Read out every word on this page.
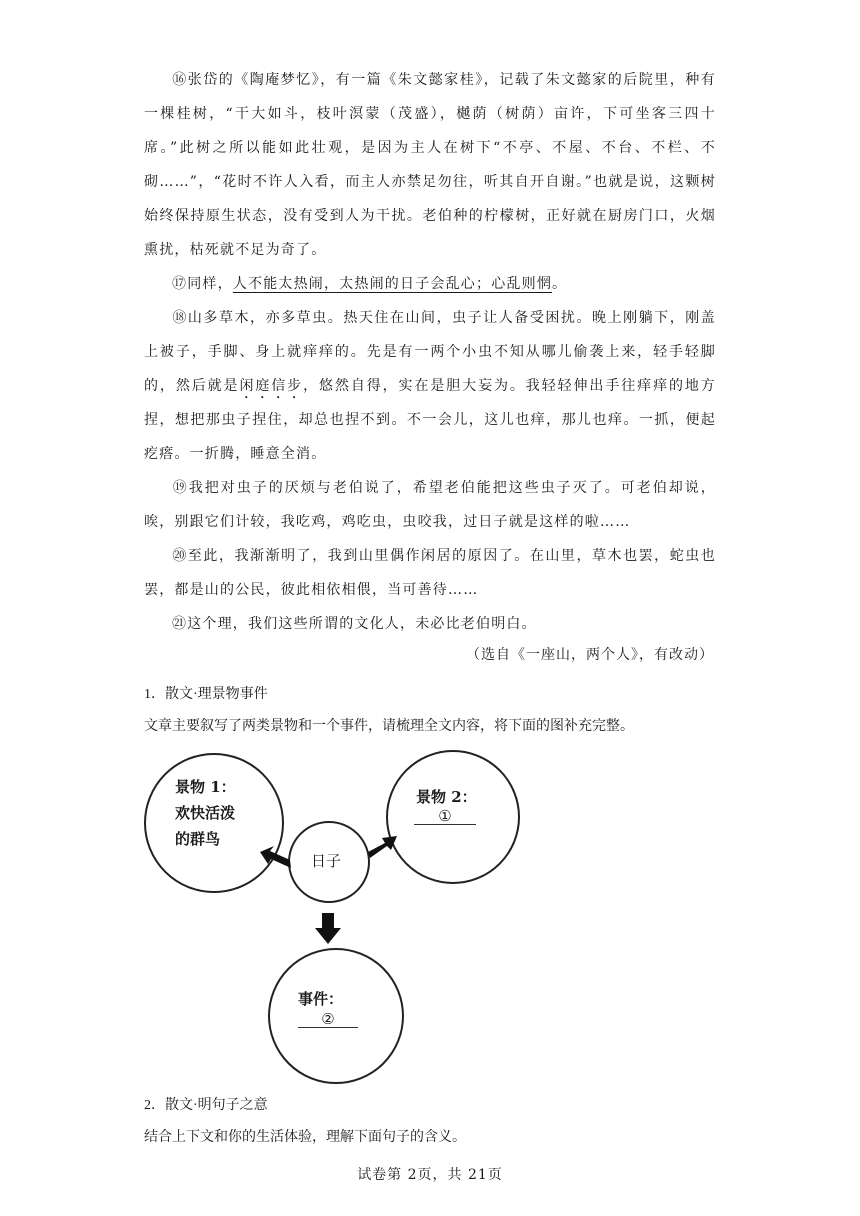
⑯张岱的《陶庵梦忆》，有一篇《朱文懿家桂》，记载了朱文懿家的后院里，种有一棵桂树，“干大如斗，枝叶溟蒙（茂盛），樾荫（树荫）亩许，下可坐客三四十席。”此树之所以能如此壮观，是因为主人在树下“不亭、不屋、不台、不栏、不砌……”，“花时不许人入看，而主人亦禁足勿往，听其自开自谢。”也就是说，这颗树始终保持原生状态，没有受到人为干扰。老伯种的柠檬树，正好就在厨房门口，火烟熏扰，枯死就不足为奇了。
⑰同样，人不能太热闹，太热闹的日子会乱心；心乱则惘。
⑱山多草木，亦多草虫。热天住在山间，虫子让人备受困扰。晚上刚躺下，刚盖上被子，手脚、身上就痒痒的。先是有一两个小虫不知从哪儿偷袭上来，轻手轻脚的，然后就是闲庭信步，悠然自得，实在是胆大妄为。我轻轻伸出手往痒痒的地方捏，想把那虫子捏住，却总也捏不到。不一会儿，这儿也痒，那儿也痒。一抓，便起疙瘩。一折腾，睡意全消。
⑲我把对虫子的厌烦与老伯说了，希望老伯能把这些虫子灭了。可老伯却说，唉，别跟它们计较，我吃鸡，鸡吃虫，虫咬我，过日子就是这样的啦……
⑳至此，我渐渐明了，我到山里偶作闲居的原因了。在山里，草木也罢，蛇虫也罢，都是山的公民，彼此相依相偎，当可善待……
㉑这个理，我们这些所谓的文化人，未必比老伯明白。
（选自《一座山，两个人》，有改动）
1．散文·理景物事件
文章主要叙写了两类景物和一个事件，请梳理全文内容，将下面的图补充完整。
景物 1：
欢快活泼
的群鸟
日子
景物 2：
①
事件：
②
2．散文·明句子之意
结合上下文和你的生活体验，理解下面句子的含义。
试卷第 2页，共 21页
